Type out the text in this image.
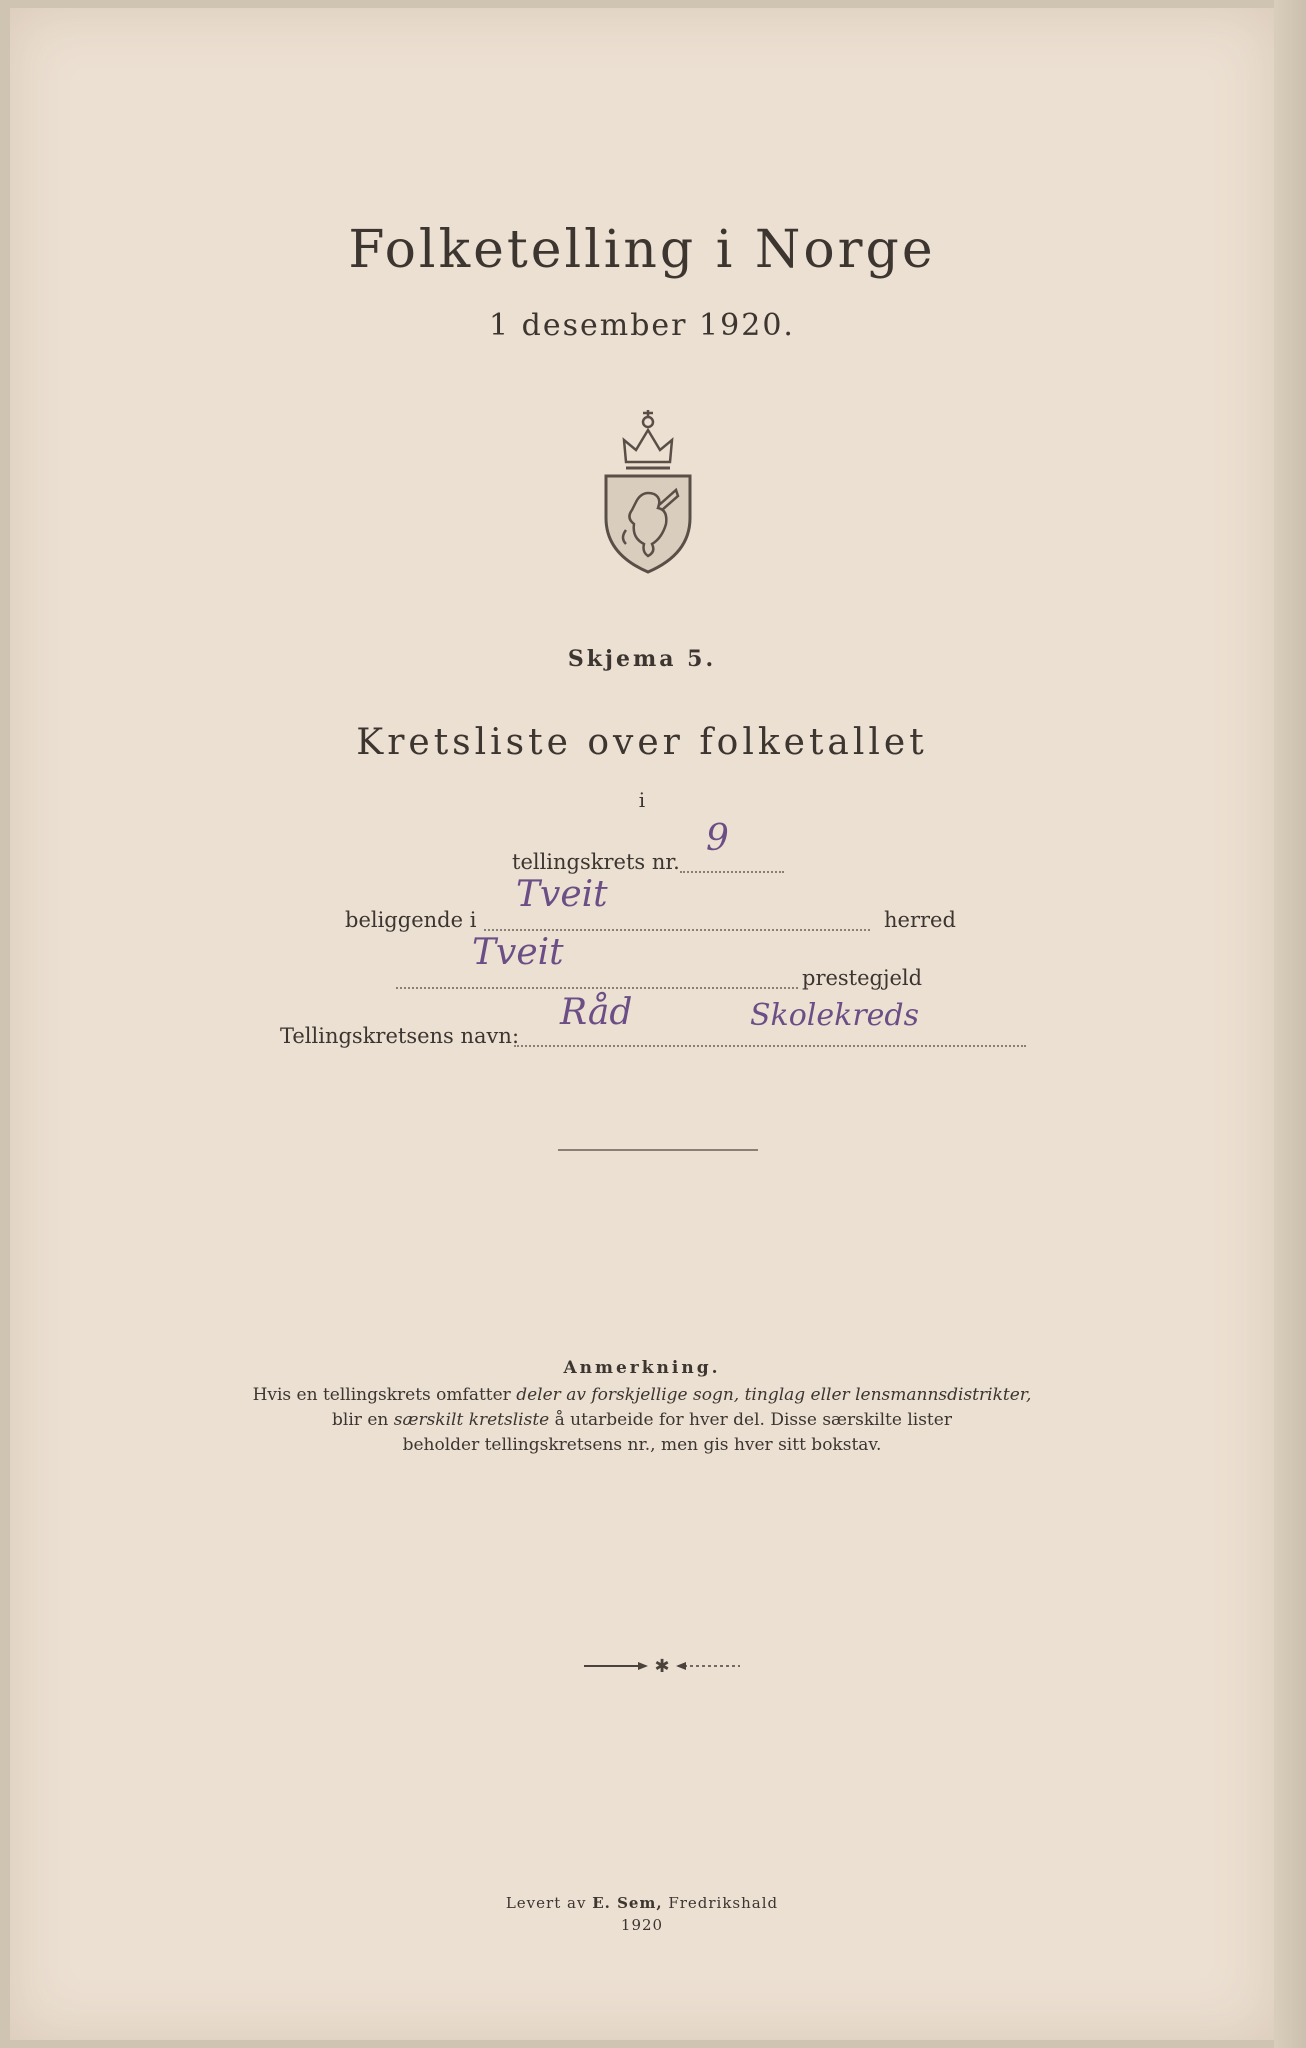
Folketelling i Norge
1 desember 1920.
Skjema 5.
Kretsliste over folketallet
i
tellingskrets nr.
9
beliggende i
Tveit
herred
Tveit
prestegjeld
Tellingskretsens navn:
Råd	Skolekreds
Anmerkning.
Hvis en tellingskrets omfatter deler av forskjellige sogn, tinglag eller lensmannsdistrikter,
blir en særskilt kretsliste å utarbeide for hver del. Disse særskilte lister
beholder tellingskretsens nr., men gis hver sitt bokstav.
✱
Levert av E. Sem, Fredrikshald
1920
